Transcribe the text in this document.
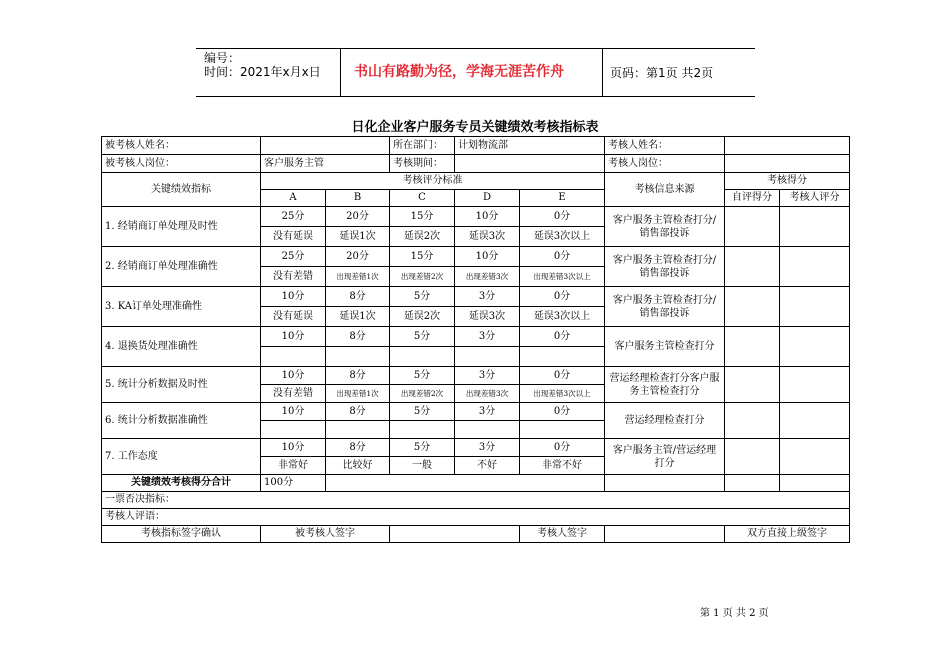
编号：
时间：2021年x月x日 书山有路勤为径，学海无涯苦作舟	页码：第1页 共2页
日化企业客户服务专员关键绩效考核指标表
被考核人姓名：			所在部门：	计划物流部		考核人姓名：		
被考核人岗位：	客户服务主管		考核期间：			考核人岗位：		
关键绩效指标	考核评分标准					考核信息来源	考核得分	
	A	B	C	D	E		自评得分	考核人评分
1. 经销商订单处理及时性	25分	20分	15分	10分	0分	客户服务主管检查打分/销售部投诉		
	没有延误	延误1次	延误2次	延误3次	延误3次以上			
2. 经销商订单处理准确性	25分	20分	15分	10分	0分	客户服务主管检查打分/销售部投诉		
	没有差错	出现差错1次	出现差错2次	出现差错3次	出现差错3次以上			
3. KA订单处理准确性	10分	8分	5分	3分	0分	客户服务主管检查打分/销售部投诉		
	没有延误	延误1次	延误2次	延误3次	延误3次以上			
4. 退换货处理准确性	10分	8分	5分	3分	0分	客户服务主管检查打分		

5. 统计分析数据及时性	10分	8分	5分	3分	0分	营运经理检查打分客户服务主管检查打分		
	没有差错	出现差错1次	出现差错2次	出现差错3次	出现差错3次以上			
6. 统计分析数据准确性	10分	8分	5分	3分	0分	营运经理检查打分		

7. 工作态度	10分	8分	5分	3分	0分	客户服务主管/营运经理打分		
	非常好	比较好	一般	不好	非常不好			
关键绩效考核得分合计	100分							
一票否决指标：								
考核人评语：								
考核指标签字确认	被考核人签字				考核人签字		双方直接上级签字	
第 1 页 共 2 页
